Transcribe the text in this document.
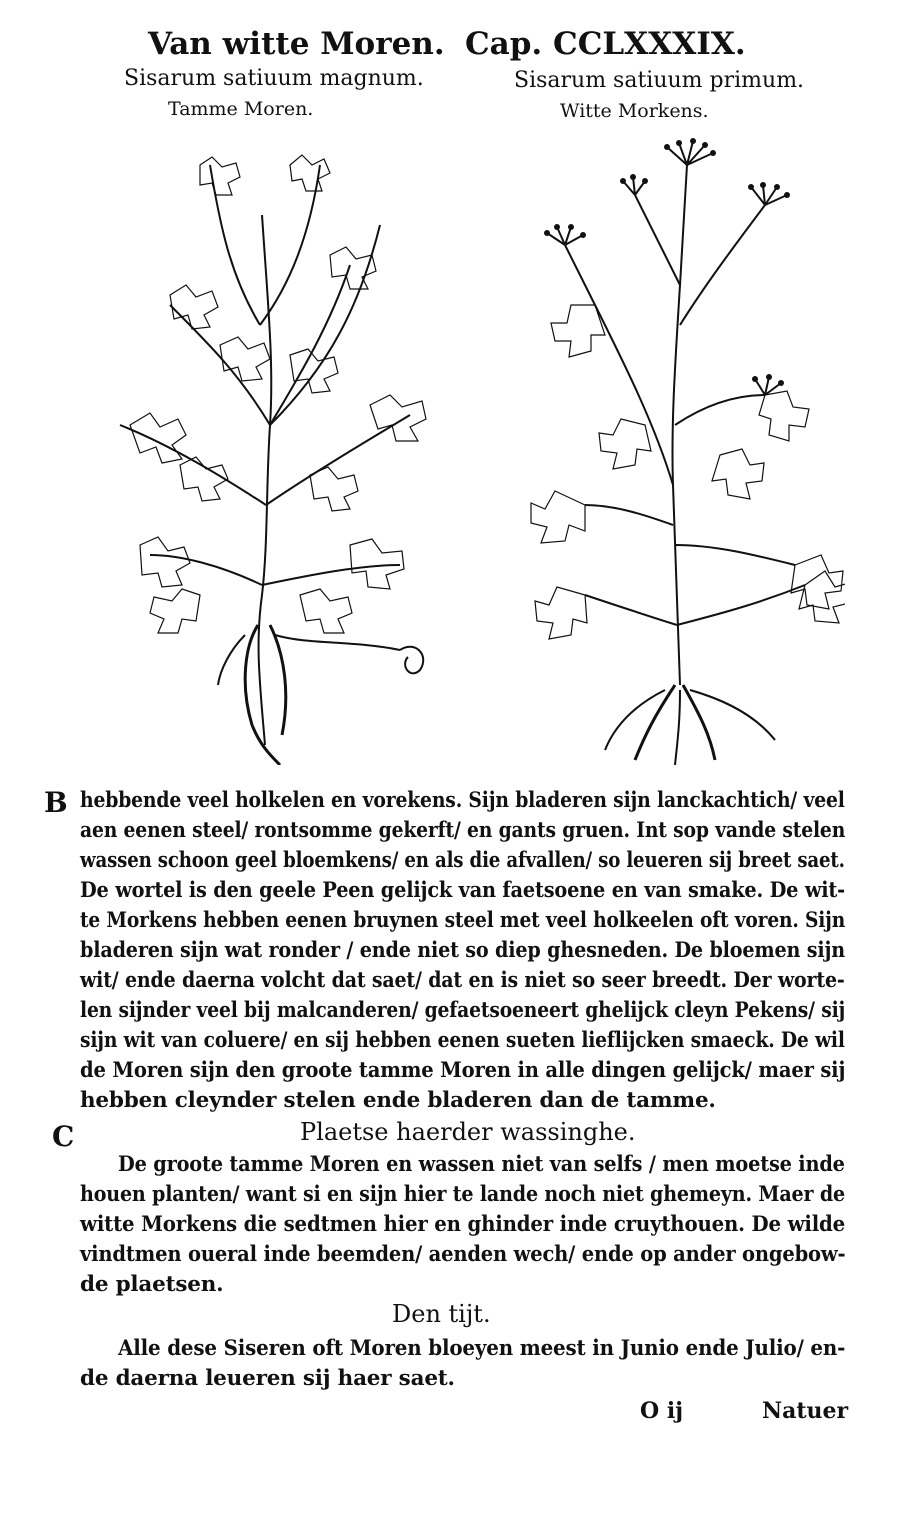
Van witte Moren. Cap. CCLXXXIX.
Sisarum satiuum magnum.
Tamme Moren.
Sisarum satiuum primum.
Witte Morkens.
B hebbende veel holkelen en vorekens. Sijn bladeren sijn lanckachtich/ veel
aen eenen steel/ rontsomme gekerft/ en gants gruen. Int sop vande stelen
wassen schoon geel bloemkens/ en als die afvallen/ so leueren sij breet saet.
De wortel is den geele Peen gelijck van faetsoene en van smake. De wit-
te Morkens hebben eenen bruynen steel met veel holkeelen oft voren. Sijn
bladeren sijn wat ronder / ende niet so diep ghesneden. De bloemen sijn
wit/ ende daerna volcht dat saet/ dat en is niet so seer breedt. Der worte-
len sijnder veel bij malcanderen/ gefaetsoeneert ghelijck cleyn Pekens/ sij
sijn wit van coluere/ en sij hebben eenen sueten lieflijcken smaeck. De wil
de Moren sijn den groote tamme Moren in alle dingen gelijck/ maer sij
hebben cleynder stelen ende bladeren dan de tamme.
C	Plaetse haerder wassinghe.
De groote tamme Moren en wassen niet van selfs / men moetse inde
houen planten/ want si en sijn hier te lande noch niet ghemeyn. Maer de
witte Morkens die sedtmen hier en ghinder inde cruythouen. De wilde
vindtmen oueral inde beemden/ aenden wech/ ende op ander ongebow-
de plaetsen.
Den tijt.
Alle dese Siseren oft Moren bloeyen meest in Junio ende Julio/ en-
de daerna leueren sij haer saet.
O ij	Natuer
